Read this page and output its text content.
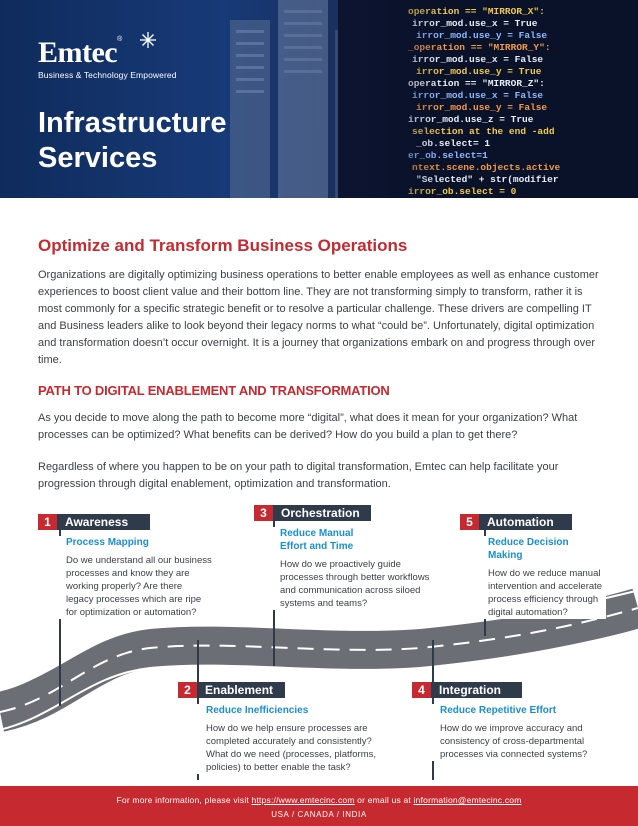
Emtec®
Business & Technology Empowered
Infrastructure
Services
Optimize and Transform Business Operations
Organizations are digitally optimizing business operations to better enable employees as well as enhance customer experiences to boost client value and their bottom line. They are not transforming simply to transform, rather it is most commonly for a specific strategic benefit or to resolve a particular challenge. These drivers are compelling IT and Business leaders alike to look beyond their legacy norms to what “could be”. Unfortunately, digital optimization and transformation doesn’t occur overnight. It is a journey that organizations embark on and progress through over time.
PATH TO DIGITAL ENABLEMENT AND TRANSFORMATION
As you decide to move along the path to become more “digital”, what does it mean for your organization? What processes can be optimized? What benefits can be derived? How do you build a plan to get there?
Regardless of where you happen to be on your path to digital transformation, Emtec can help facilitate your progression through digital enablement, optimization and transformation.
1	Awareness
Process Mapping
Do we understand all our business processes and know they are working properly? Are there legacy processes which are ripe for optimization or automation?
3	Orchestration
Reduce Manual Effort and Time
How do we proactively guide processes through better workflows and communication across siloed systems and teams?
5	Automation
Reduce Decision Making
How do we reduce manual intervention and accelerate process efficiency through digital automation?
2	Enablement
Reduce Inefficiencies
How do we help ensure processes are completed accurately and consistently? What do we need (processes, platforms, policies) to better enable the task?
4	Integration
Reduce Repetitive Effort
How do we improve accuracy and consistency of cross-departmental processes via connected systems?
For more information, please visit https://www.emtecinc.com or email us at information@emtecinc.com
USA / CANADA / INDIA
